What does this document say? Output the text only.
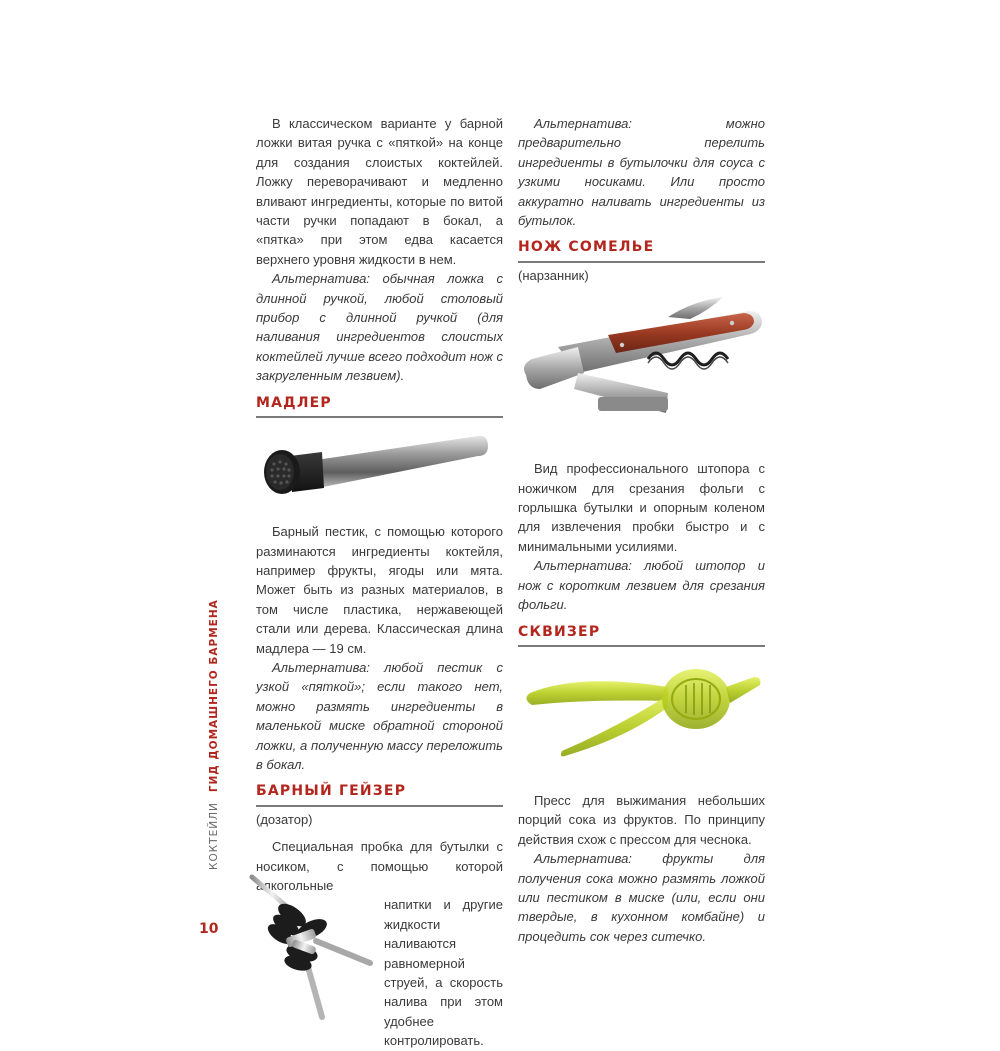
В классическом варианте у барной ложки витая ручка с «пяткой» на конце для создания слоистых коктейлей. Ложку переворачивают и медленно вливают ингредиенты, которые по витой части ручки попадают в бокал, а «пятка» при этом едва касается верхнего уровня жидкости в нем.

Альтернатива: обычная ложка с длинной ручкой, любой столовый прибор с длинной ручкой (для наливания ингредиентов слоистых коктейлей лучше всего подходит нож с закругленным лезвием).

МАДЛЕР

Барный пестик, с помощью которого разминаются ингредиенты коктейля, например фрукты, ягоды или мята. Может быть из разных материалов, в том числе пластика, нержавеющей стали или дерева. Классическая длина мадлера — 19 см.

Альтернатива: любой пестик с узкой «пяткой»; если такого нет, можно размять ингредиенты в маленькой миске обратной стороной ложки, а полученную массу переложить в бокал.

БАРНЫЙ ГЕЙЗЕР
(дозатор)
Специальная пробка для бутылки с носиком, с помощью которой алкогольные
напитки и другие жидкости наливаются равномерной струей, а скорость налива при этом удобнее контролировать.

Альтернатива: можно предварительно перелить ингредиенты в бутылочки для соуса с узкими носиками. Или просто аккуратно наливать ингредиенты из бутылок.

НОЖ СОМЕЛЬЕ
(нарзанник)

Вид профессионального штопора с ножичком для срезания фольги с горлышка бутылки и опорным коленом для извлечения пробки быстро и с минимальными усилиями.

Альтернатива: любой штопор и нож с коротким лезвием для срезания фольги.

СКВИЗЕР

Пресс для выжимания небольших порций сока из фруктов. По принципу действия схож с прессом для чеснока.

Альтернатива: фрукты для получения сока можно размять ложкой или пестиком в миске (или, если они твердые, в кухонном комбайне) и процедить сок через ситечко.

КОКТЕЙЛИ
ГИД ДОМАШНЕГО БАРМЕНА
10
